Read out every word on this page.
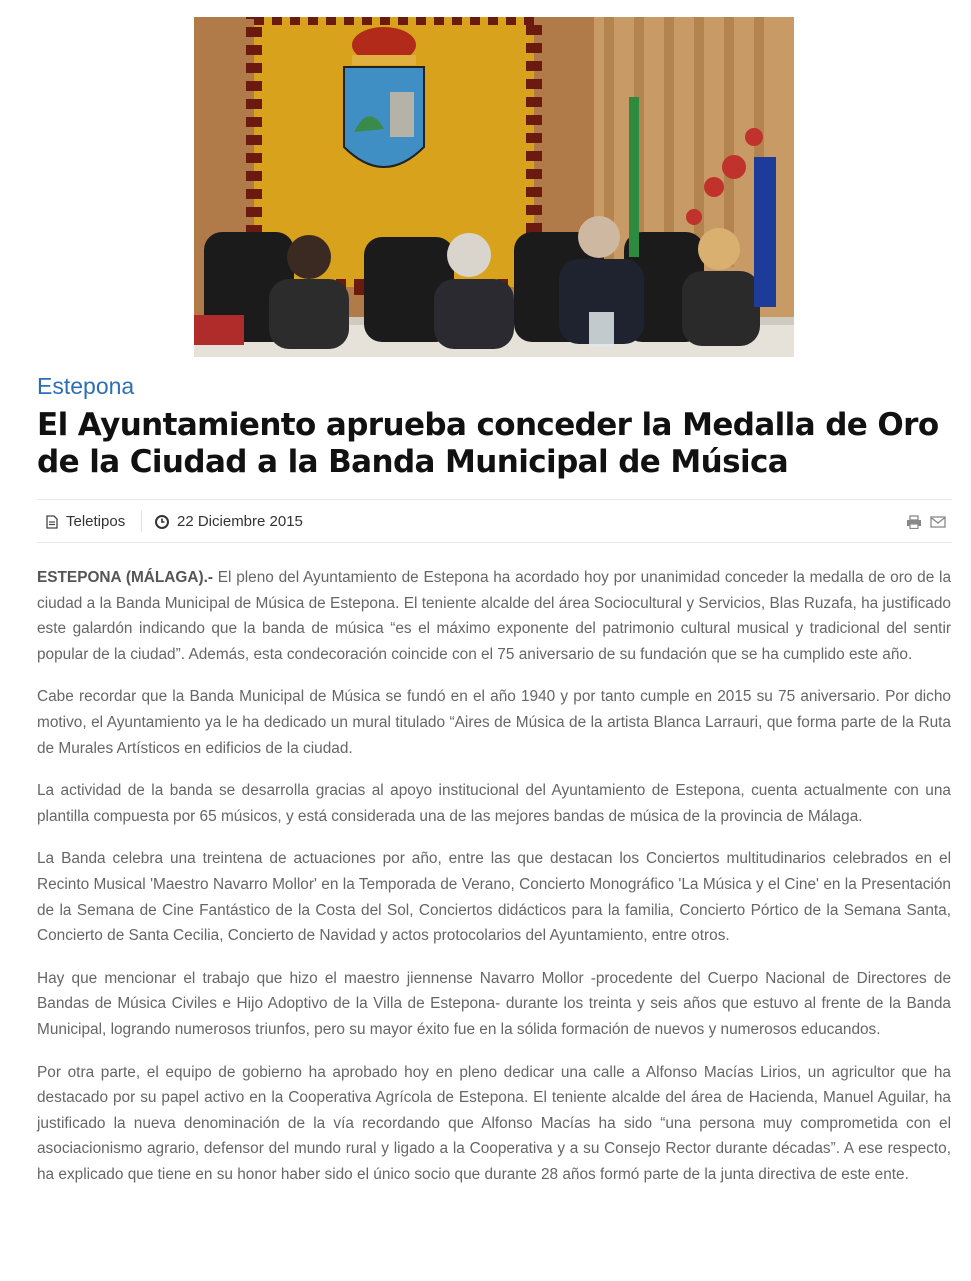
Estepona
El Ayuntamiento aprueba conceder la Medalla de Oro de la Ciudad a la Banda Municipal de Música
Teletipos	22 Diciembre 2015

ESTEPONA (MÁLAGA).- El pleno del Ayuntamiento de Estepona ha acordado hoy por unanimidad conceder la medalla de oro de la ciudad a la Banda Municipal de Música de Estepona. El teniente alcalde del área Sociocultural y Servicios, Blas Ruzafa, ha justificado este galardón indicando que la banda de música “es el máximo exponente del patrimonio cultural musical y tradicional del sentir popular de la ciudad”. Además, esta condecoración coincide con el 75 aniversario de su fundación que se ha cumplido este año.

Cabe recordar que la Banda Municipal de Música se fundó en el año 1940 y por tanto cumple en 2015 su 75 aniversario. Por dicho motivo, el Ayuntamiento ya le ha dedicado un mural titulado “Aires de Música de la artista Blanca Larrauri, que forma parte de la Ruta de Murales Artísticos en edificios de la ciudad.

La actividad de la banda se desarrolla gracias al apoyo institucional del Ayuntamiento de Estepona, cuenta actualmente con una plantilla compuesta por 65 músicos, y está considerada una de las mejores bandas de música de la provincia de Málaga.

La Banda celebra una treintena de actuaciones por año, entre las que destacan los Conciertos multitudinarios celebrados en el Recinto Musical 'Maestro Navarro Mollor' en la Temporada de Verano, Concierto Monográfico 'La Música y el Cine' en la Presentación de la Semana de Cine Fantástico de la Costa del Sol, Conciertos didácticos para la familia, Concierto Pórtico de la Semana Santa, Concierto de Santa Cecilia, Concierto de Navidad y actos protocolarios del Ayuntamiento, entre otros.

Hay que mencionar el trabajo que hizo el maestro jiennense Navarro Mollor -procedente del Cuerpo Nacional de Directores de Bandas de Música Civiles e Hijo Adoptivo de la Villa de Estepona- durante los treinta y seis años que estuvo al frente de la Banda Municipal, logrando numerosos triunfos, pero su mayor éxito fue en la sólida formación de nuevos y numerosos educandos.

Por otra parte, el equipo de gobierno ha aprobado hoy en pleno dedicar una calle a Alfonso Macías Lirios, un agricultor que ha destacado por su papel activo en la Cooperativa Agrícola de Estepona. El teniente alcalde del área de Hacienda, Manuel Aguilar, ha justificado la nueva denominación de la vía recordando que Alfonso Macías ha sido “una persona muy comprometida con el asociacionismo agrario, defensor del mundo rural y ligado a la Cooperativa y a su Consejo Rector durante décadas”. A ese respecto, ha explicado que tiene en su honor haber sido el único socio que durante 28 años formó parte de la junta directiva de este ente.
